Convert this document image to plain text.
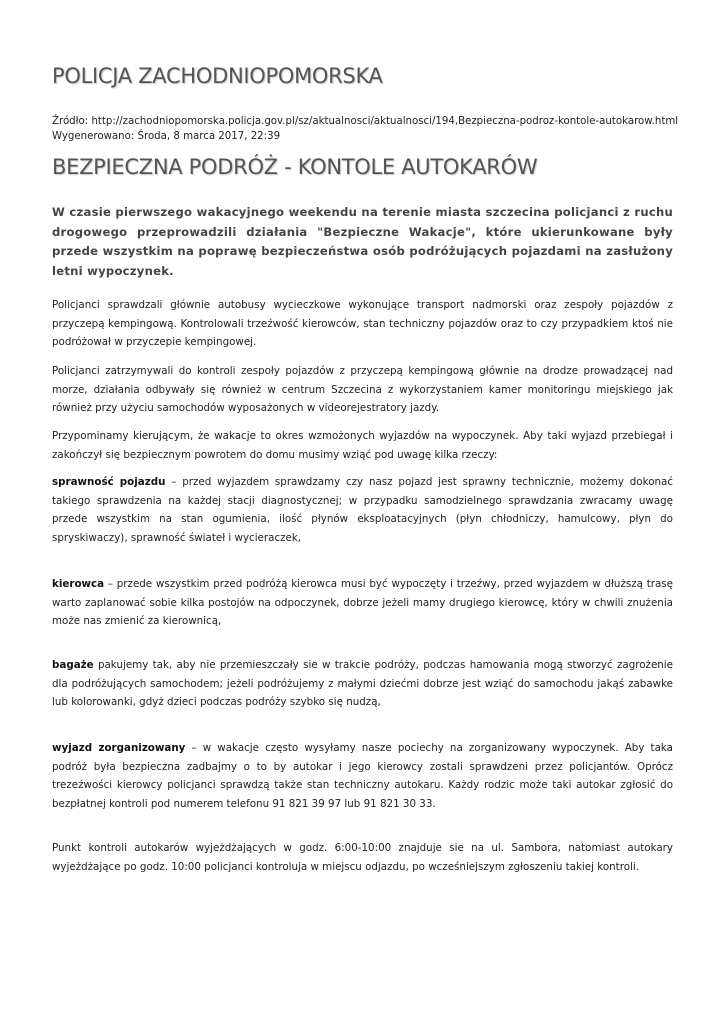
POLICJA ZACHODNIOPOMORSKA
Źródło: http://zachodniopomorska.policja.gov.pl/sz/aktualnosci/aktualnosci/194,Bezpieczna-podroz-kontole-autokarow.html
Wygenerowano: Środa, 8 marca 2017, 22:39
BEZPIECZNA PODRÓŻ - KONTOLE AUTOKARÓW

W czasie pierwszego wakacyjnego weekendu na terenie miasta szczecina policjanci z ruchu drogowego przeprowadzili działania "Bezpieczne Wakacje", które ukierunkowane były przede wszystkim na poprawę bezpieczeństwa osób podróżujących pojazdami na zasłużony letni wypoczynek.

Policjanci sprawdzali głównie autobusy wycieczkowe wykonujące transport nadmorski oraz zespoły pojazdów z przyczepą kempingową. Kontrolowali trzeźwość kierowców, stan techniczny pojazdów oraz to czy przypadkiem ktoś nie podróżował w przyczepie kempingowej.

Policjanci zatrzymywali do kontroli zespoły pojazdów z przyczepą kempingową głównie na drodze prowadzącej nad morze, działania odbywały się również w centrum Szczecina z wykorzystaniem kamer monitoringu miejskiego jak również przy użyciu samochodów wyposażonych w videorejestratory jazdy.

Przypominamy kierującym, że wakacje to okres wzmożonych wyjazdów na wypoczynek. Aby taki wyjazd przebiegał i zakończył się bezpiecznym powrotem do domu musimy wziąć pod uwagę kilka rzeczy:

sprawność pojazdu – przed wyjazdem sprawdzamy czy nasz pojazd jest sprawny technicznie, możemy dokonać takiego sprawdzenia na każdej stacji diagnostycznej; w przypadku samodzielnego sprawdzania zwracamy uwagę przede wszystkim na stan ogumienia, ilość płynów eksploatacyjnych (płyn chłodniczy, hamulcowy, płyn do spryskiwaczy), sprawność świateł i wycieraczek,

kierowca – przede wszystkim przed podróżą kierowca musi być wypoczęty i trzeźwy, przed wyjazdem w dłuższą trasę warto zaplanować sobie kilka postojów na odpoczynek, dobrze jeżeli mamy drugiego kierowcę, który w chwili znużenia może nas zmienić za kierownicą,

bagaże pakujemy tak, aby nie przemieszczały sie w trakcie podróży, podczas hamowania mogą stworzyć zagrożenie dla podróżujących samochodem; jeżeli podróżujemy z małymi dziećmi dobrze jest wziąć do samochodu jakąś zabawke lub kolorowanki, gdyż dzieci podczas podróży szybko się nudzą,

wyjazd zorganizowany – w wakacje często wysyłamy nasze pociechy na zorganizowany wypoczynek. Aby taka podróż była bezpieczna zadbajmy o to by autokar i jego kierowcy zostali sprawdzeni przez policjantów. Oprócz trezeźwości kierowcy policjanci sprawdzą także stan techniczny autokaru. Każdy rodzic może taki autokar zgłosić do bezpłatnej kontroli pod numerem telefonu 91 821 39 97 lub 91 821 30 33.

Punkt kontroli autokarów wyjeżdżających w godz. 6:00-10:00 znajduje sie na ul. Sambora, natomiast autokary wyjeżdżające po godz. 10:00 policjanci kontroluja w miejscu odjazdu, po wcześniejszym zgłoszeniu takiej kontroli.
